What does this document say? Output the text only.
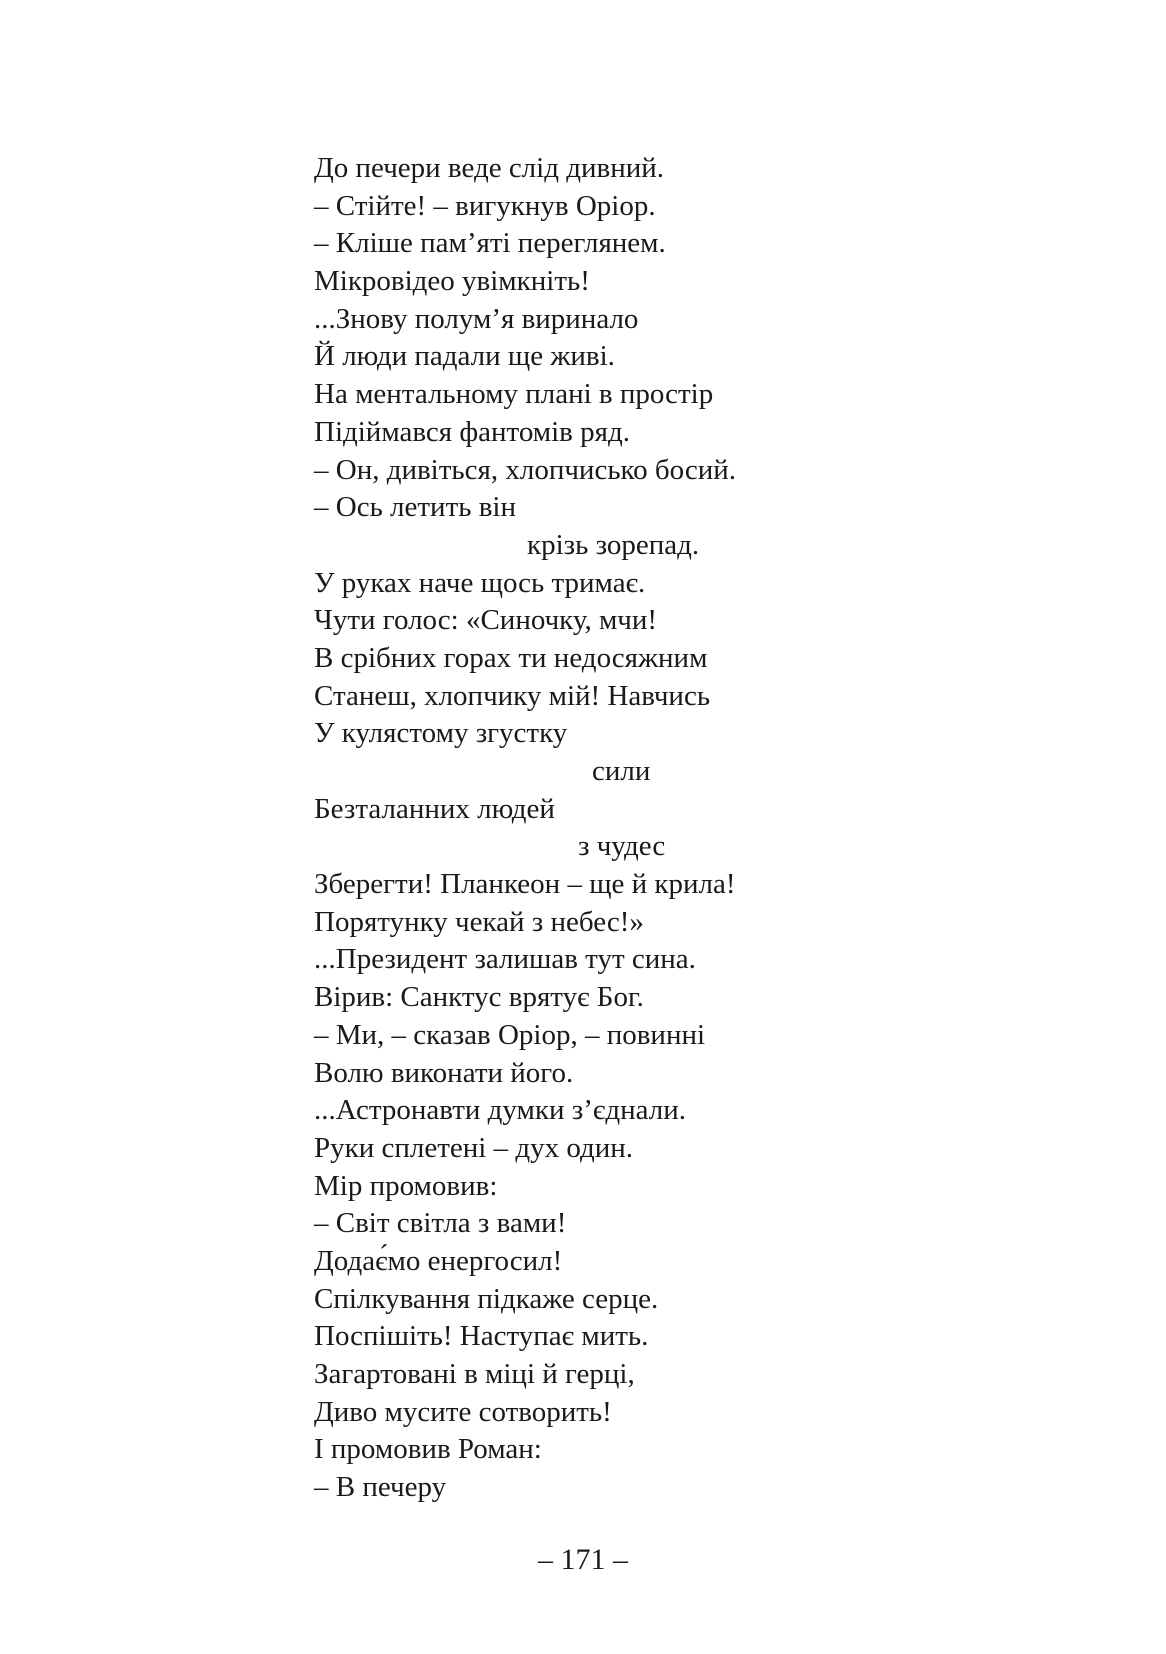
До печери веде слід дивний.
– Стійте! – вигукнув Оріор.
– Кліше пам’яті переглянем.
Мікровідео увімкніть!
...Знову полум’я виринало
Й люди падали ще живі.
На ментальному плані в простір
Підіймався фантомів ряд.
– Он, дивіться, хлопчисько босий.
– Ось летить він
крізь зорепад.
У руках наче щось тримає.
Чути голос: «Синочку, мчи!
В срібних горах ти недосяжним
Станеш, хлопчику мій! Навчись
У кулястому згустку
сили
Безталанних людей
з чудес
Зберегти! Планкеон – ще й крила!
Порятунку чекай з небес!»
...Президент залишав тут сина.
Вірив: Санктус врятує Бог.
– Ми, – сказав Оріор, – повинні
Волю виконати його.
...Астронавти думки з’єднали.
Руки сплетені – дух один.
Мір промовив:
– Світ світла з вами!
Додає́мо енергосил!
Спілкування підкаже серце.
Поспішіть! Наступає мить.
Загартовані в міці й герці,
Диво мусите сотворить!
І промовив Роман:
– В печеру
– 171 –
